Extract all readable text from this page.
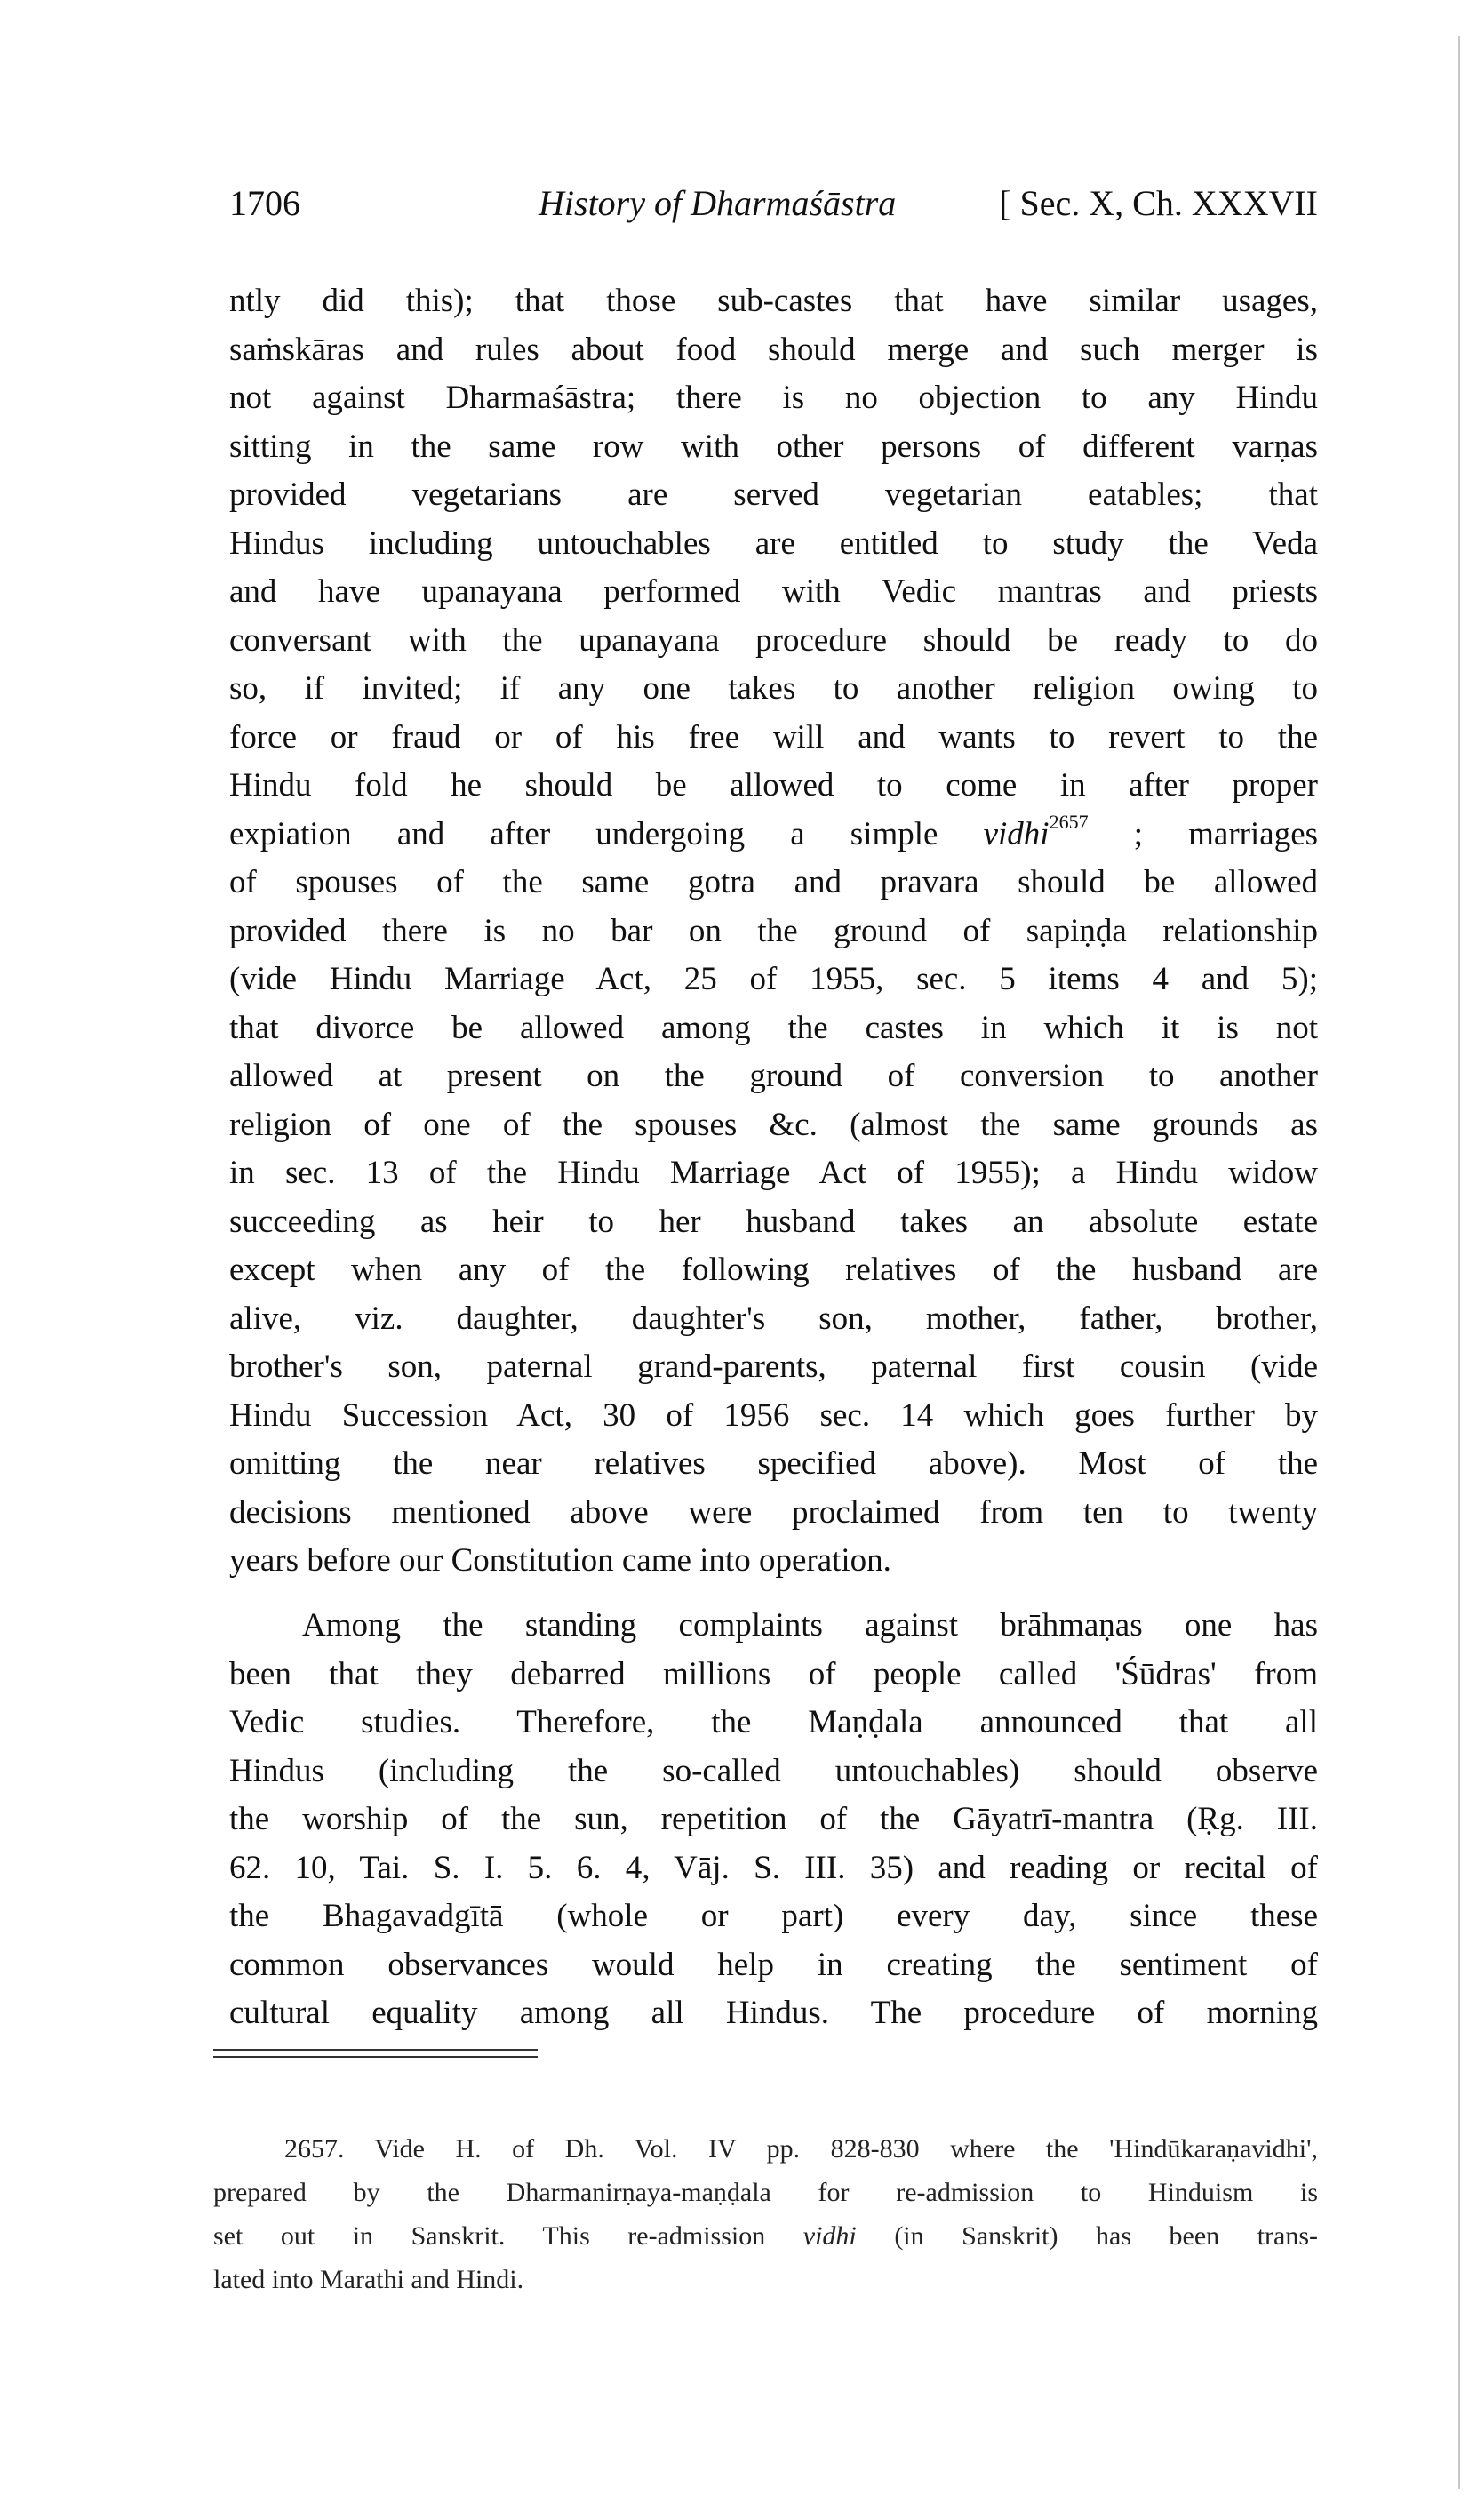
1706	History of Dharmaśāstra	[ Sec. X, Ch. XXXVII
ntly did this); that those sub-castes that have similar usages,
saṁskāras and rules about food should merge and such merger is
not against Dharmaśāstra; there is no objection to any Hindu
sitting in the same row with other persons of different varṇas
provided vegetarians are served vegetarian eatables; that
Hindus including untouchables are entitled to study the Veda
and have upanayana performed with Vedic mantras and priests
conversant with the upanayana procedure should be ready to do
so, if invited; if any one takes to another religion owing to
force or fraud or of his free will and wants to revert to the
Hindu fold he should be allowed to come in after proper
expiation and after undergoing a simple vidhi$^{2657}$ ; marriages
of spouses of the same gotra and pravara should be allowed
provided there is no bar on the ground of sapiṇḍa relationship
(vide Hindu Marriage Act, 25 of 1955, sec. 5 items 4 and 5);
that divorce be allowed among the castes in which it is not
allowed at present on the ground of conversion to another
religion of one of the spouses &c. (almost the same grounds as
in sec. 13 of the Hindu Marriage Act of 1955); a Hindu widow
succeeding as heir to her husband takes an absolute estate
except when any of the following relatives of the husband are
alive, viz. daughter, daughter's son, mother, father, brother,
brother's son, paternal grand-parents, paternal first cousin (vide
Hindu Succession Act, 30 of 1956 sec. 14 which goes further by
omitting the near relatives specified above). Most of the
decisions mentioned above were proclaimed from ten to twenty
years before our Constitution came into operation.
Among the standing complaints against brāhmaṇas one has
been that they debarred millions of people called 'Śūdras' from
Vedic studies. Therefore, the Maṇḍala announced that all
Hindus (including the so-called untouchables) should observe
the worship of the sun, repetition of the Gāyatrī-mantra (Ṛg. III.
62. 10, Tai. S. I. 5. 6. 4, Vāj. S. III. 35) and reading or recital of
the Bhagavadgītā (whole or part) every day, since these
common observances would help in creating the sentiment of
cultural equality among all Hindus. The procedure of morning
2657. Vide H. of Dh. Vol. IV pp. 828-830 where the 'Hindūkaraṇavidhi',
prepared by the Dharmanirṇaya-maṇḍala for re-admission to Hinduism is
set out in Sanskrit. This re-admission vidhi (in Sanskrit) has been trans-
lated into Marathi and Hindi.
